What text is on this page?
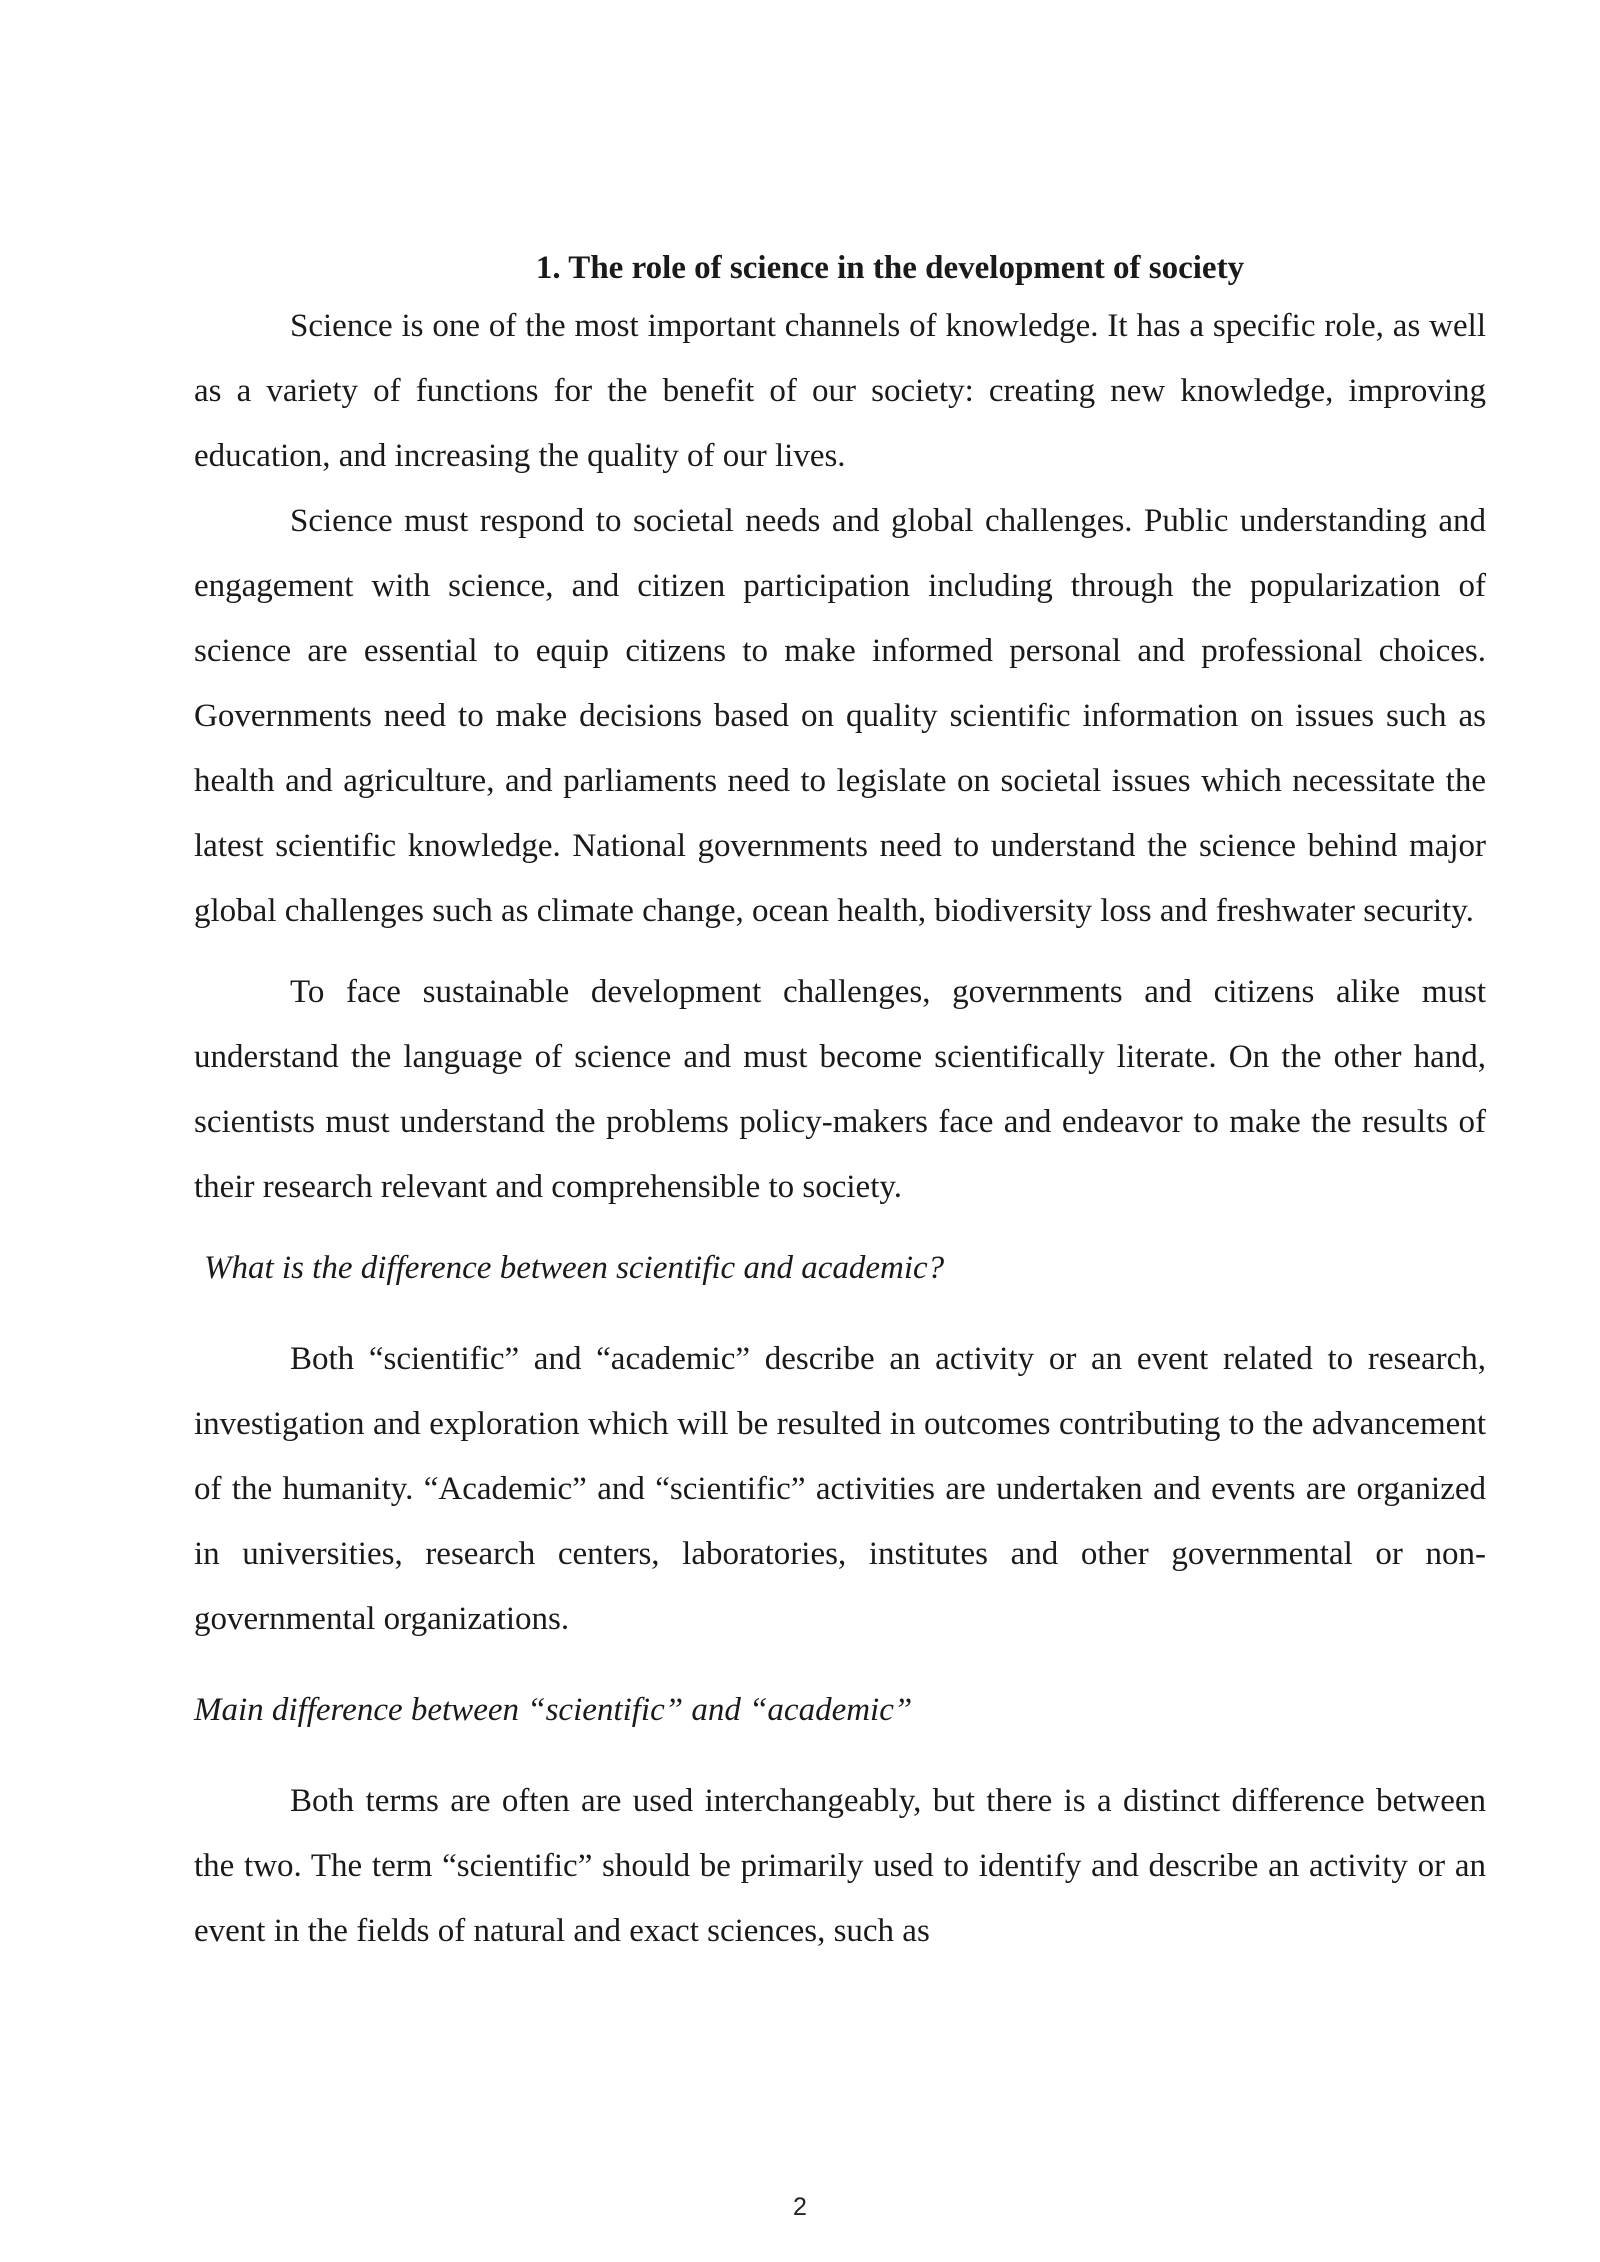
1. The role of science in the development of society

Science is one of the most important channels of knowledge. It has a specific role, as well as a variety of functions for the benefit of our society: creating new knowledge, improving education, and increasing the quality of our lives.

Science must respond to societal needs and global challenges. Public understanding and engagement with science, and citizen participation including through the popularization of science are essential to equip citizens to make informed personal and professional choices. Governments need to make decisions based on quality scientific information on issues such as health and agriculture, and parliaments need to legislate on societal issues which necessitate the latest scientific knowledge. National governments need to understand the science behind major global challenges such as climate change, ocean health, biodiversity loss and freshwater security.

To face sustainable development challenges, governments and citizens alike must understand the language of science and must become scientifically literate. On the other hand, scientists must understand the problems policy-makers face and endeavor to make the results of their research relevant and comprehensible to society.

What is the difference between scientific and academic?

Both “scientific” and “academic” describe an activity or an event related to research, investigation and exploration which will be resulted in outcomes contributing to the advancement of the humanity. “Academic” and “scientific” activities are undertaken and events are organized in universities, research centers, laboratories, institutes and other governmental or non-governmental organizations.

Main difference between “scientific” and “academic”

Both terms are often are used interchangeably, but there is a distinct difference between the two. The term “scientific” should be primarily used to identify and describe an activity or an event in the fields of natural and exact sciences, such as

2
